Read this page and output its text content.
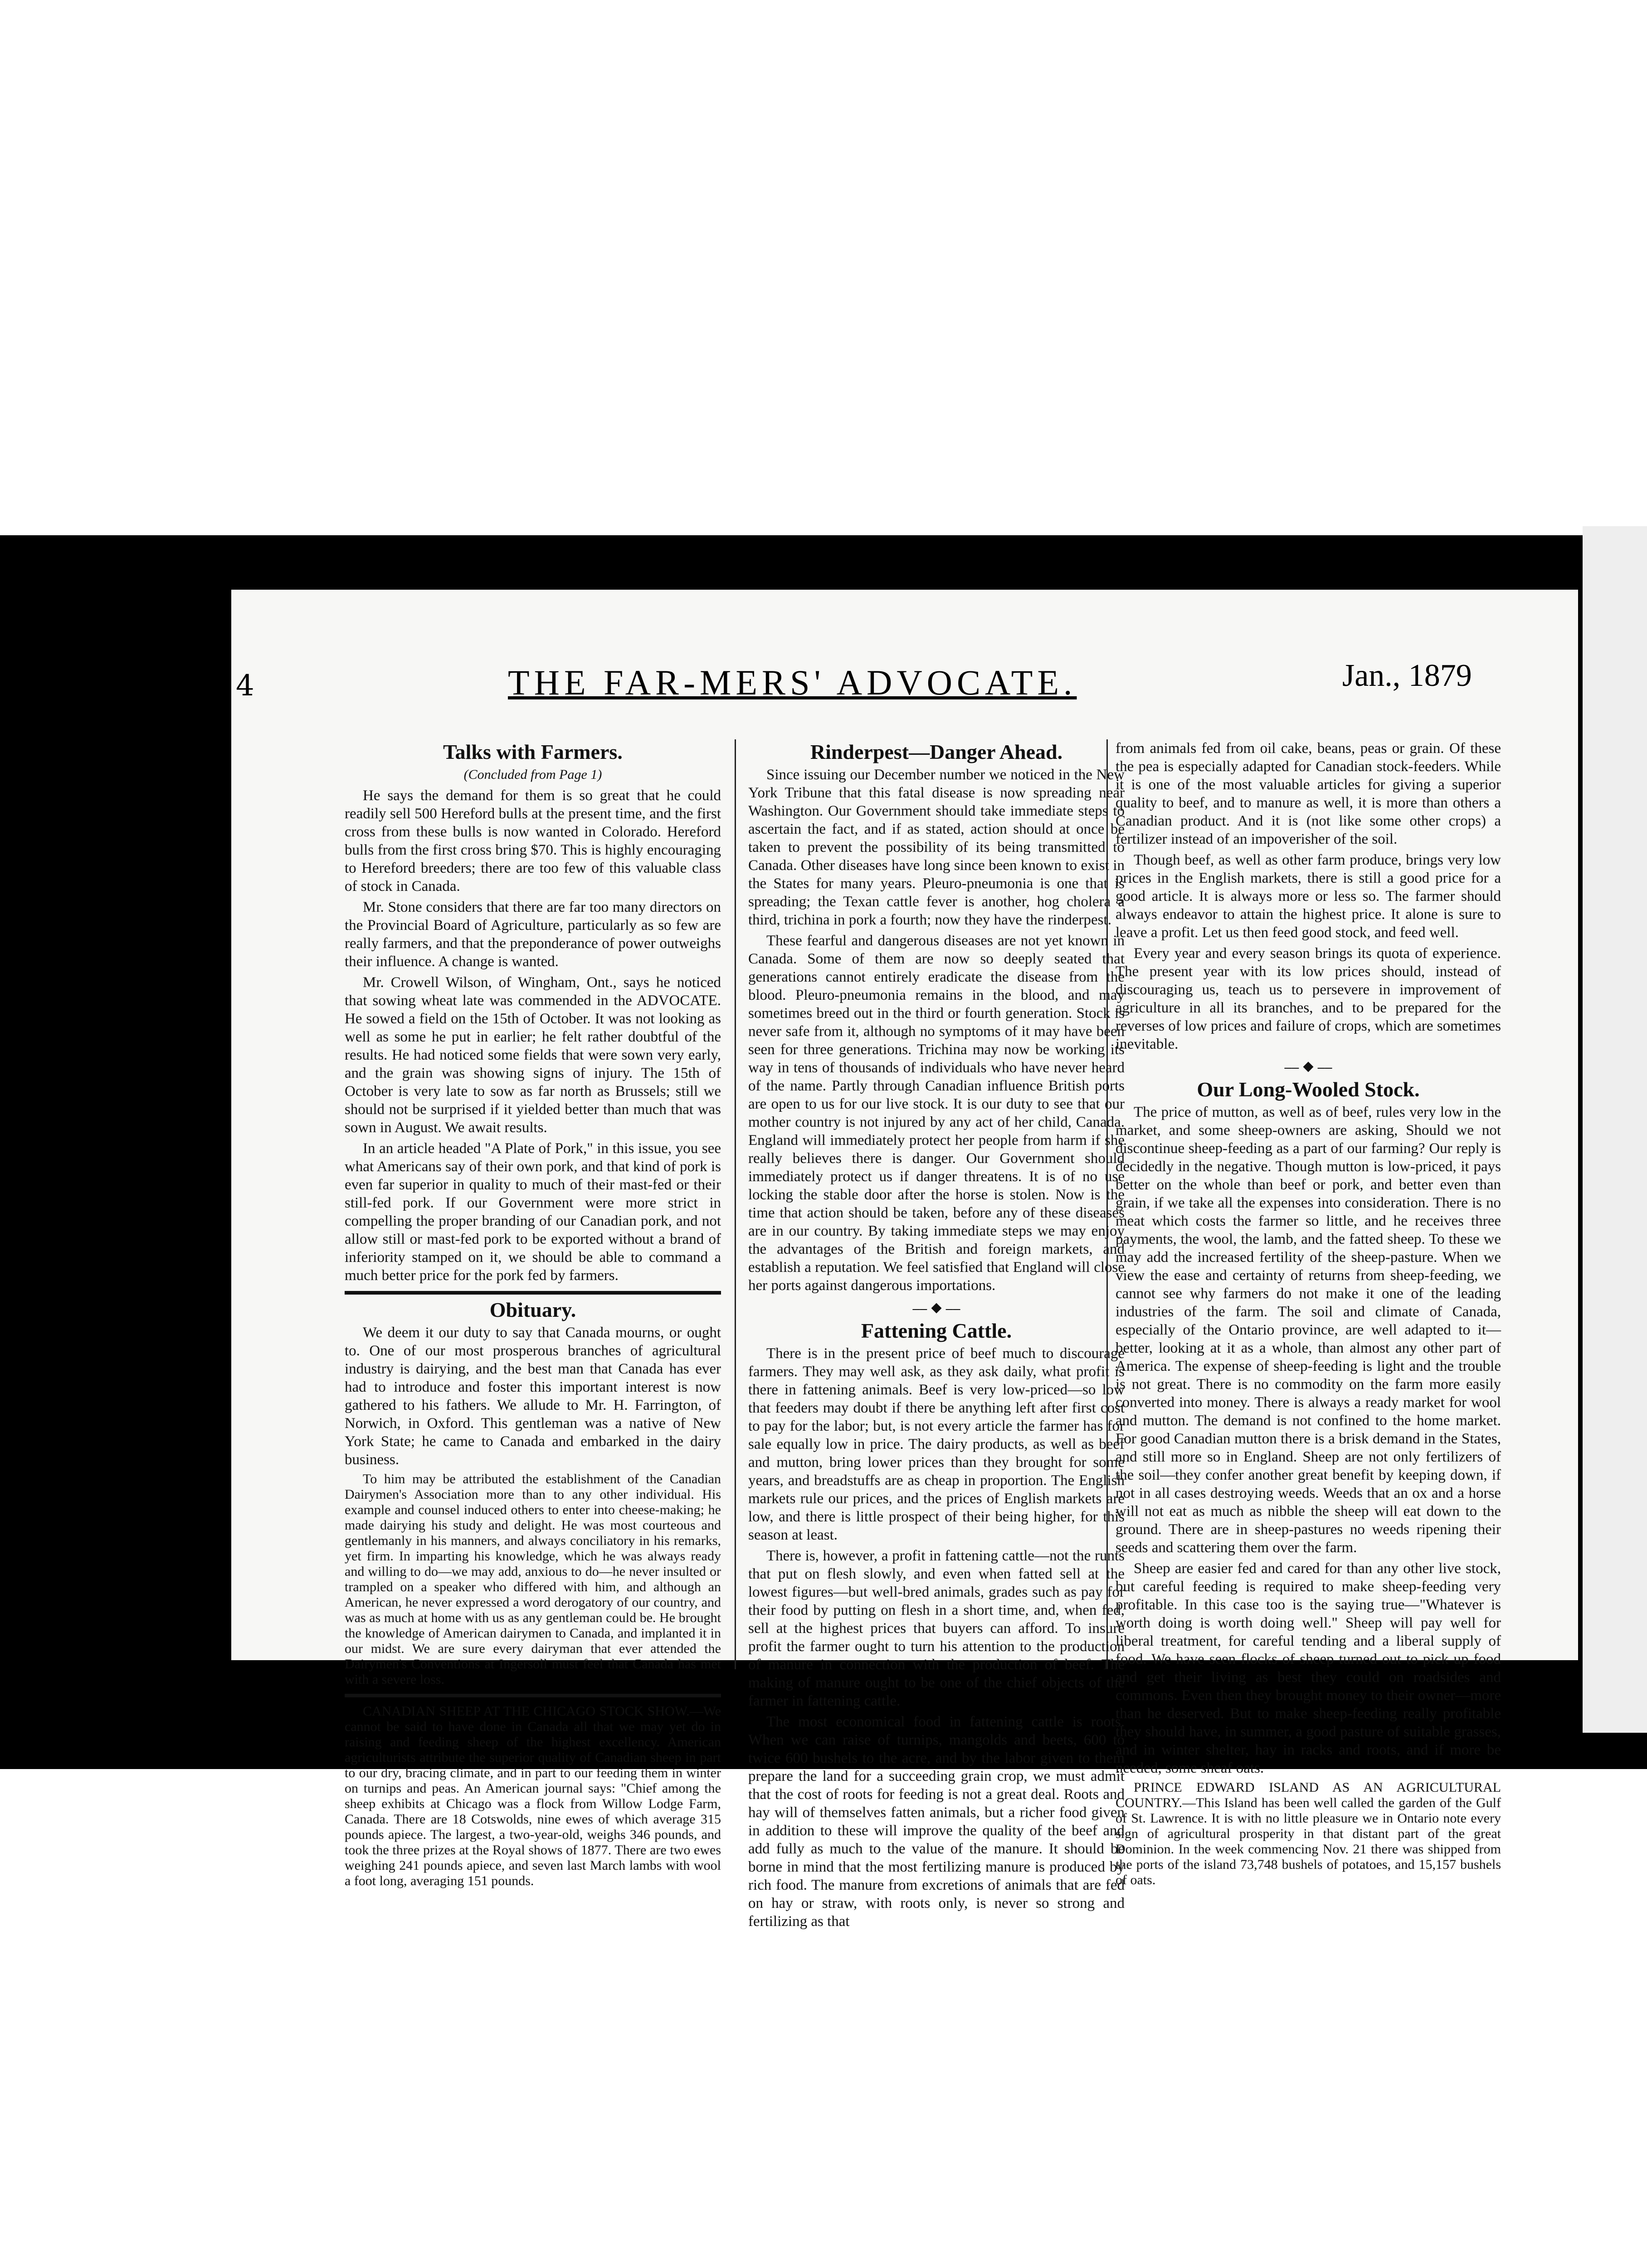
4	THE FAR-MERS' ADVOCATE.	Jan., 1879
Talks with Farmers.
(Concluded from Page 1)

He says the demand for them is so great that he could readily sell 500 Hereford bulls at the present time, and the first cross from these bulls is now wanted in Colorado. Hereford bulls from the first cross bring $70. This is highly encouraging to Hereford breeders; there are too few of this valuable class of stock in Canada.

Mr. Stone considers that there are far too many directors on the Provincial Board of Agriculture, particularly as so few are really farmers, and that the preponderance of power outweighs their influence. A change is wanted.

Mr. Crowell Wilson, of Wingham, Ont., says he noticed that sowing wheat late was commended in the ADVOCATE. He sowed a field on the 15th of October. It was not looking as well as some he put in earlier; he felt rather doubtful of the results. He had noticed some fields that were sown very early, and the grain was showing signs of injury. The 15th of October is very late to sow as far north as Brussels; still we should not be surprised if it yielded better than much that was sown in August. We await results.

In an article headed "A Plate of Pork," in this issue, you see what Americans say of their own pork, and that kind of pork is even far superior in quality to much of their mast-fed or their still-fed pork. If our Government were more strict in compelling the proper branding of our Canadian pork, and not allow still or mast-fed pork to be exported without a brand of inferiority stamped on it, we should be able to command a much better price for the pork fed by farmers.

Obituary.

We deem it our duty to say that Canada mourns, or ought to. One of our most prosperous branches of agricultural industry is dairying, and the best man that Canada has ever had to introduce and foster this important interest is now gathered to his fathers. We allude to Mr. H. Farrington, of Norwich, in Oxford. This gentleman was a native of New York State; he came to Canada and embarked in the dairy business.

To him may be attributed the establishment of the Canadian Dairymen's Association more than to any other individual. His example and counsel induced others to enter into cheese-making; he made dairying his study and delight. He was most courteous and gentlemanly in his manners, and always conciliatory in his remarks, yet firm. In imparting his knowledge, which he was always ready and willing to do—we may add, anxious to do—he never insulted or trampled on a speaker who differed with him, and although an American, he never expressed a word derogatory of our country, and was as much at home with us as any gentleman could be. He brought the knowledge of American dairymen to Canada, and implanted it in our midst. We are sure every dairyman that ever attended the Dairymen's Conventions at Ingersoll must feel that Canada has met with a severe loss.

CANADIAN SHEEP AT THE CHICAGO STOCK SHOW.—We cannot be said to have done in Canada all that we may yet do in raising and feeding sheep of the highest excellency. American agriculturists attribute the superior quality of Canadian sheep in part to our dry, bracing climate, and in part to our feeding them in winter on turnips and peas. An American journal says: "Chief among the sheep exhibits at Chicago was a flock from Willow Lodge Farm, Canada. There are 18 Cotswolds, nine ewes of which average 315 pounds apiece. The largest, a two-year-old, weighs 346 pounds, and took the three prizes at the Royal shows of 1877. There are two ewes weighing 241 pounds apiece, and seven last March lambs with wool a foot long, averaging 151 pounds.

Rinderpest—Danger Ahead.

Since issuing our December number we noticed in the New York Tribune that this fatal disease is now spreading near Washington. Our Government should take immediate steps to ascertain the fact, and if as stated, action should at once be taken to prevent the possibility of its being transmitted to Canada. Other diseases have long since been known to exist in the States for many years. Pleuro-pneumonia is one that is spreading; the Texan cattle fever is another, hog cholera a third, trichina in pork a fourth; now they have the rinderpest.

These fearful and dangerous diseases are not yet known in Canada. Some of them are now so deeply seated that generations cannot entirely eradicate the disease from the blood. Pleuro-pneumonia remains in the blood, and may sometimes breed out in the third or fourth generation. Stock is never safe from it, although no symptoms of it may have been seen for three generations. Trichina may now be working its way in tens of thousands of individuals who have never heard of the name. Partly through Canadian influence British ports are open to us for our live stock. It is our duty to see that our mother country is not injured by any act of her child, Canada. England will immediately protect her people from harm if she really believes there is danger. Our Government should immediately protect us if danger threatens. It is of no use locking the stable door after the horse is stolen. Now is the time that action should be taken, before any of these diseases are in our country. By taking immediate steps we may enjoy the advantages of the British and foreign markets, and establish a reputation. We feel satisfied that England will close her ports against dangerous importations.

⎯⎯ ◆ ⎯⎯
Fattening Cattle.

There is in the present price of beef much to discourage farmers. They may well ask, as they ask daily, what profit is there in fattening animals. Beef is very low-priced—so low that feeders may doubt if there be anything left after first cost to pay for the labor; but, is not every article the farmer has for sale equally low in price. The dairy products, as well as beef and mutton, bring lower prices than they brought for some years, and breadstuffs are as cheap in proportion. The English markets rule our prices, and the prices of English markets are low, and there is little prospect of their being higher, for this season at least.

There is, however, a profit in fattening cattle—not the runts that put on flesh slowly, and even when fatted sell at the lowest figures—but well-bred animals, grades such as pay for their food by putting on flesh in a short time, and, when fed, sell at the highest prices that buyers can afford. To insure profit the farmer ought to turn his attention to the production of manure in connection with the production of beef. The making of manure ought to be one of the chief objects of the farmer in fattening cattle.

The most economical food in fattening cattle is roots. When we can raise of turnips, mangolds and beets, 600 to twice 600 bushels to the acre, and by the labor given to them prepare the land for a succeeding grain crop, we must admit that the cost of roots for feeding is not a great deal. Roots and hay will of themselves fatten animals, but a richer food given in addition to these will improve the quality of the beef and add fully as much to the value of the manure. It should be borne in mind that the most fertilizing manure is produced by rich food. The manure from excretions of animals that are fed on hay or straw, with roots only, is never so strong and fertilizing as that

from animals fed from oil cake, beans, peas or grain. Of these the pea is especially adapted for Canadian stock-feeders. While it is one of the most valuable articles for giving a superior quality to beef, and to manure as well, it is more than others a Canadian product. And it is (not like some other crops) a fertilizer instead of an impoverisher of the soil.

Though beef, as well as other farm produce, brings very low prices in the English markets, there is still a good price for a good article. It is always more or less so. The farmer should always endeavor to attain the highest price. It alone is sure to leave a profit. Let us then feed good stock, and feed well.

Every year and every season brings its quota of experience. The present year with its low prices should, instead of discouraging us, teach us to persevere in improvement of agriculture in all its branches, and to be prepared for the reverses of low prices and failure of crops, which are sometimes inevitable.

⎯⎯ ◆ ⎯⎯
Our Long-Wooled Stock.

The price of mutton, as well as of beef, rules very low in the market, and some sheep-owners are asking, Should we not discontinue sheep-feeding as a part of our farming? Our reply is decidedly in the negative. Though mutton is low-priced, it pays better on the whole than beef or pork, and better even than grain, if we take all the expenses into consideration. There is no meat which costs the farmer so little, and he receives three payments, the wool, the lamb, and the fatted sheep. To these we may add the increased fertility of the sheep-pasture. When we view the ease and certainty of returns from sheep-feeding, we cannot see why farmers do not make it one of the leading industries of the farm. The soil and climate of Canada, especially of the Ontario province, are well adapted to it—better, looking at it as a whole, than almost any other part of America. The expense of sheep-feeding is light and the trouble is not great. There is no commodity on the farm more easily converted into money. There is always a ready market for wool and mutton. The demand is not confined to the home market. For good Canadian mutton there is a brisk demand in the States, and still more so in England. Sheep are not only fertilizers of the soil—they confer another great benefit by keeping down, if not in all cases destroying weeds. Weeds that an ox and a horse will not eat as much as nibble the sheep will eat down to the ground. There are in sheep-pastures no weeds ripening their seeds and scattering them over the farm.

Sheep are easier fed and cared for than any other live stock, but careful feeding is required to make sheep-feeding very profitable. In this case too is the saying true—"Whatever is worth doing is worth doing well." Sheep will pay well for liberal treatment, for careful tending and a liberal supply of food. We have seen flocks of sheep turned out to pick up food and get their living as best they could on roadsides and commons. Even then they brought money to their owner—more than he deserved. But to make sheep-feeding really profitable they should have, in summer, a good pasture of suitable grasses, and in winter shelter, hay in racks and roots, and if more be needed, some sheaf oats.

PRINCE EDWARD ISLAND AS AN AGRICULTURAL COUNTRY.—This Island has been well called the garden of the Gulf of St. Lawrence. It is with no little pleasure we in Ontario note every sign of agricultural prosperity in that distant part of the great Dominion. In the week commencing Nov. 21 there was shipped from the ports of the island 73,748 bushels of potatoes, and 15,157 bushels of oats.
